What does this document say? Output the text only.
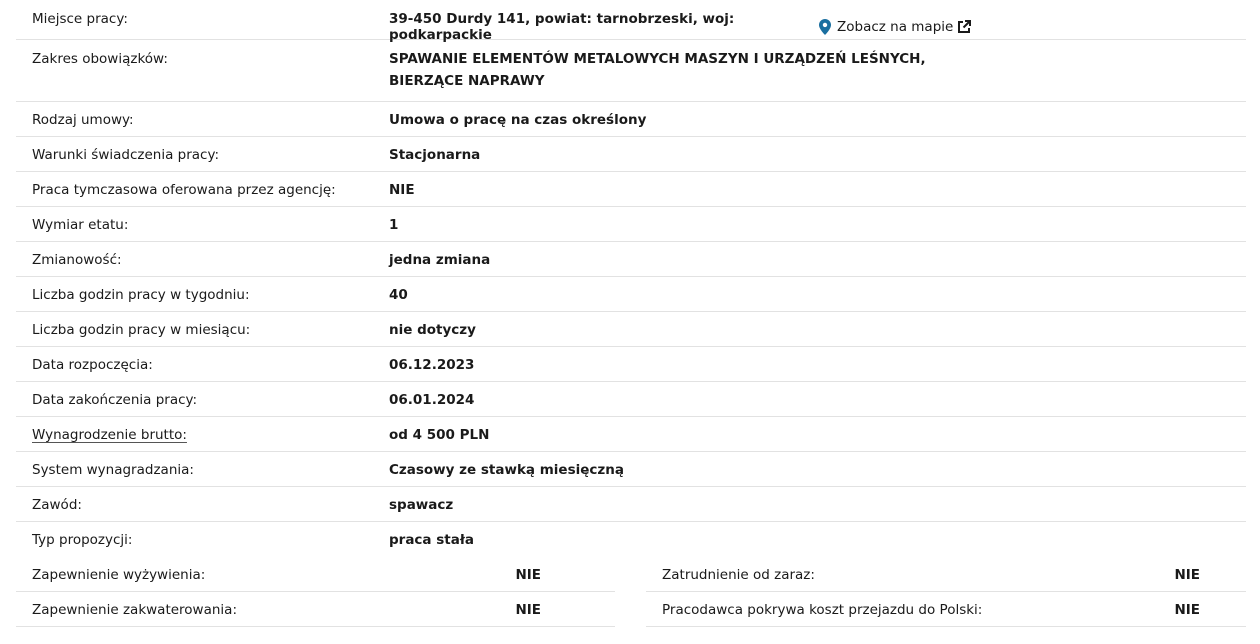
Miejsce pracy:	39-450 Durdy 141, powiat: tarnobrzeski, woj: podkarpackie	Zobacz na mapie
Zakres obowiązków:	SPAWANIE ELEMENTÓW METALOWYCH MASZYN I URZĄDZEŃ LEŚNYCH,
BIERZĄCE NAPRAWY
Rodzaj umowy:	Umowa o pracę na czas określony
Warunki świadczenia pracy:	Stacjonarna
Praca tymczasowa oferowana przez agencję:	NIE
Wymiar etatu:	1
Zmianowość:	jedna zmiana
Liczba godzin pracy w tygodniu:	40
Liczba godzin pracy w miesiącu:	nie dotyczy
Data rozpoczęcia:	06.12.2023
Data zakończenia pracy:	06.01.2024
Wynagrodzenie brutto:	od 4 500 PLN
System wynagradzania:	Czasowy ze stawką miesięczną
Zawód:	spawacz
Typ propozycji:	praca stała
Zapewnienie wyżywienia:	NIE	Zatrudnienie od zaraz:	NIE
Zapewnienie zakwaterowania:	NIE	Pracodawca pokrywa koszt przejazdu do Polski:	NIE
